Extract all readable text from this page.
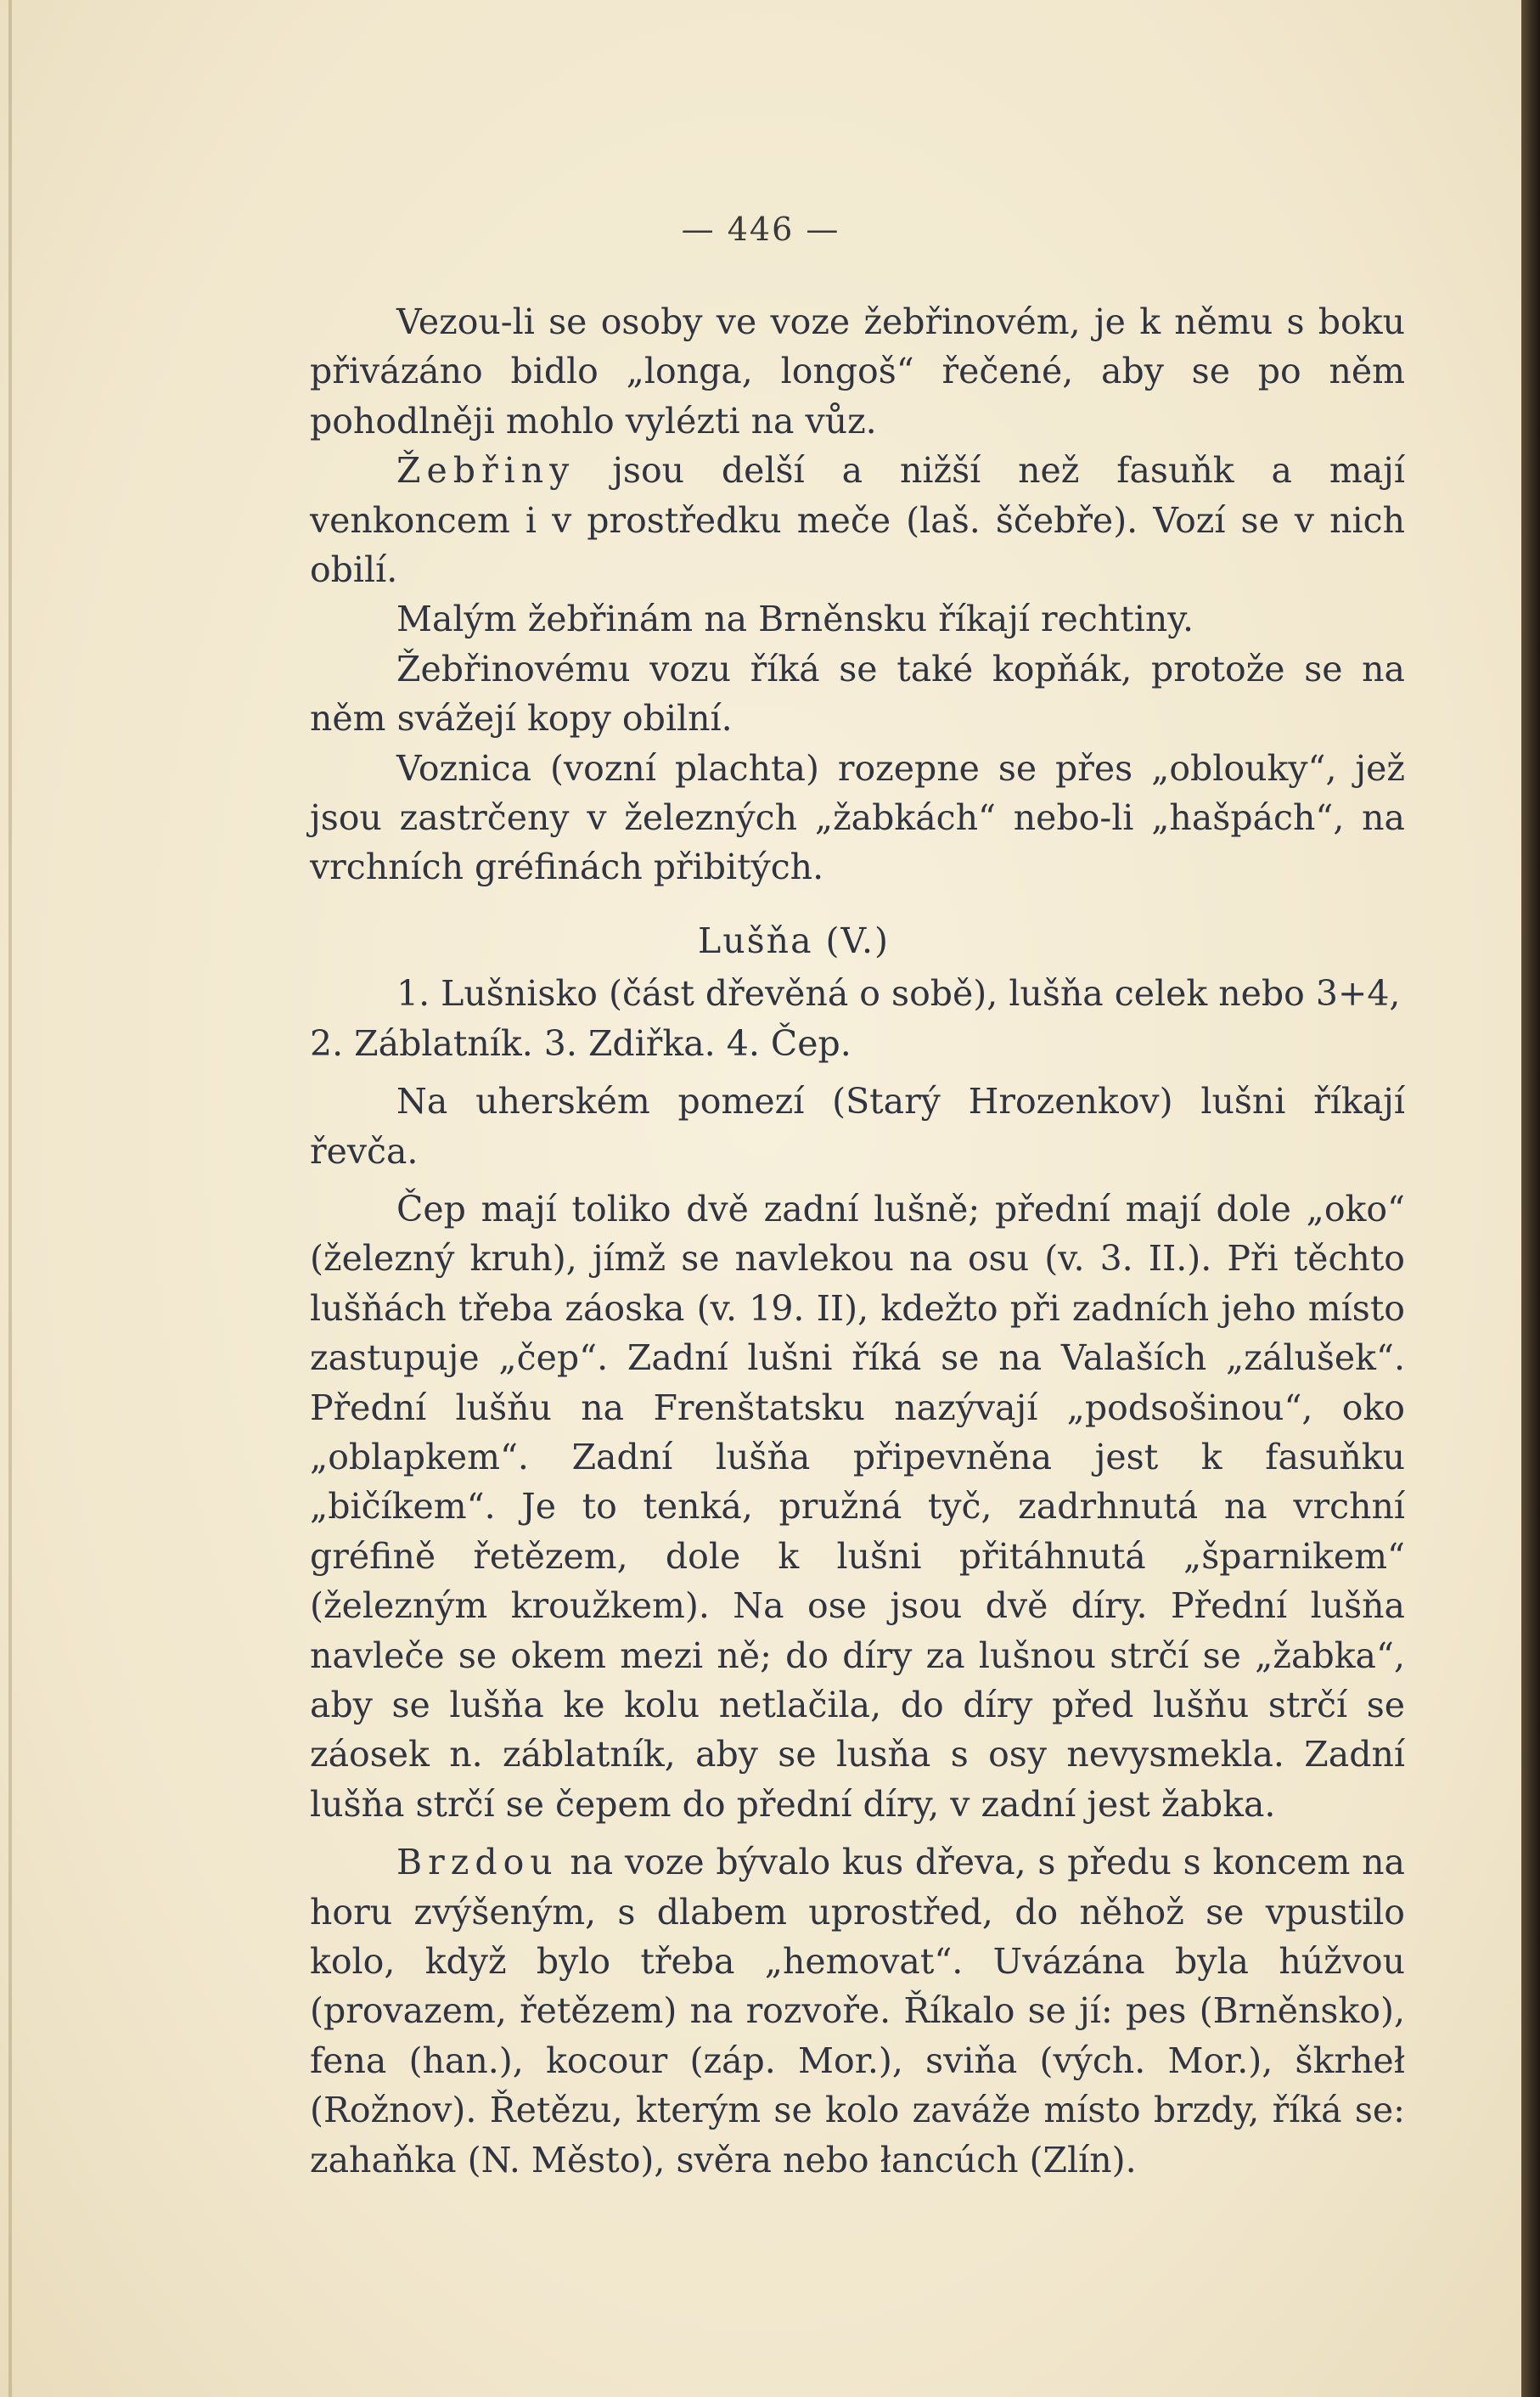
— 446 —

Vezou-li se osoby ve voze žebřinovém, je k němu s boku přivázáno bidlo „longa, longoš“ řečené, aby se po něm pohodlněji mohlo vylézti na vůz.

Žebřiny jsou delší a nižší než fasuňk a mají venkoncem i v prostředku meče (laš. ščebře). Vozí se v nich obilí.

Malým žebřinám na Brněnsku říkají rechtiny.

Žebřinovému vozu říká se také kopňák, protože se na něm svážejí kopy obilní.

Voznica (vozní plachta) rozepne se přes „oblouky“, jež jsou zastrčeny v železných „žabkách“ nebo-li „hašpách“, na vrchních gréfinách přibitých.

Lušňa (V.)

1. Lušnisko (část dřevěná o sobě), lušňa celek nebo 3+4,

2. Záblatník. 3. Zdiřka. 4. Čep.

Na uherském pomezí (Starý Hrozenkov) lušni říkají řevča.

Čep mají toliko dvě zadní lušně; přední mají dole „oko“ (železný kruh), jímž se navlekou na osu (v. 3. II.). Při těchto lušňách třeba záoska (v. 19. II), kdežto při zadních jeho místo zastupuje „čep“. Zadní lušni říká se na Valaších „zálušek“. Přední lušňu na Frenštatsku nazývají „podsošinou“, oko „oblapkem“. Zadní lušňa připevněna jest k fasuňku „bičíkem“. Je to tenká, pružná tyč, zadrhnutá na vrchní gréfině řetězem, dole k lušni přitáhnutá „šparnikem“ (železným kroužkem). Na ose jsou dvě díry. Přední lušňa navleče se okem mezi ně; do díry za lušnou strčí se „žabka“, aby se lušňa ke kolu netlačila, do díry před lušňu strčí se záosek n. záblatník, aby se lusňa s osy nevysmekla. Zadní lušňa strčí se čepem do přední díry, v zadní jest žabka.

Brzdou na voze bývalo kus dřeva, s předu s koncem na horu zvýšeným, s dlabem uprostřed, do něhož se vpustilo kolo, když bylo třeba „hemovat“. Uvázána byla húžvou (provazem, řetězem) na rozvoře. Říkalo se jí: pes (Brněnsko), fena (han.), kocour (záp. Mor.), sviňa (vých. Mor.), škrheł (Rožnov). Řetězu, kterým se kolo zaváže místo brzdy, říká se: zahaňka (N. Město), svěra nebo łancúch (Zlín).
